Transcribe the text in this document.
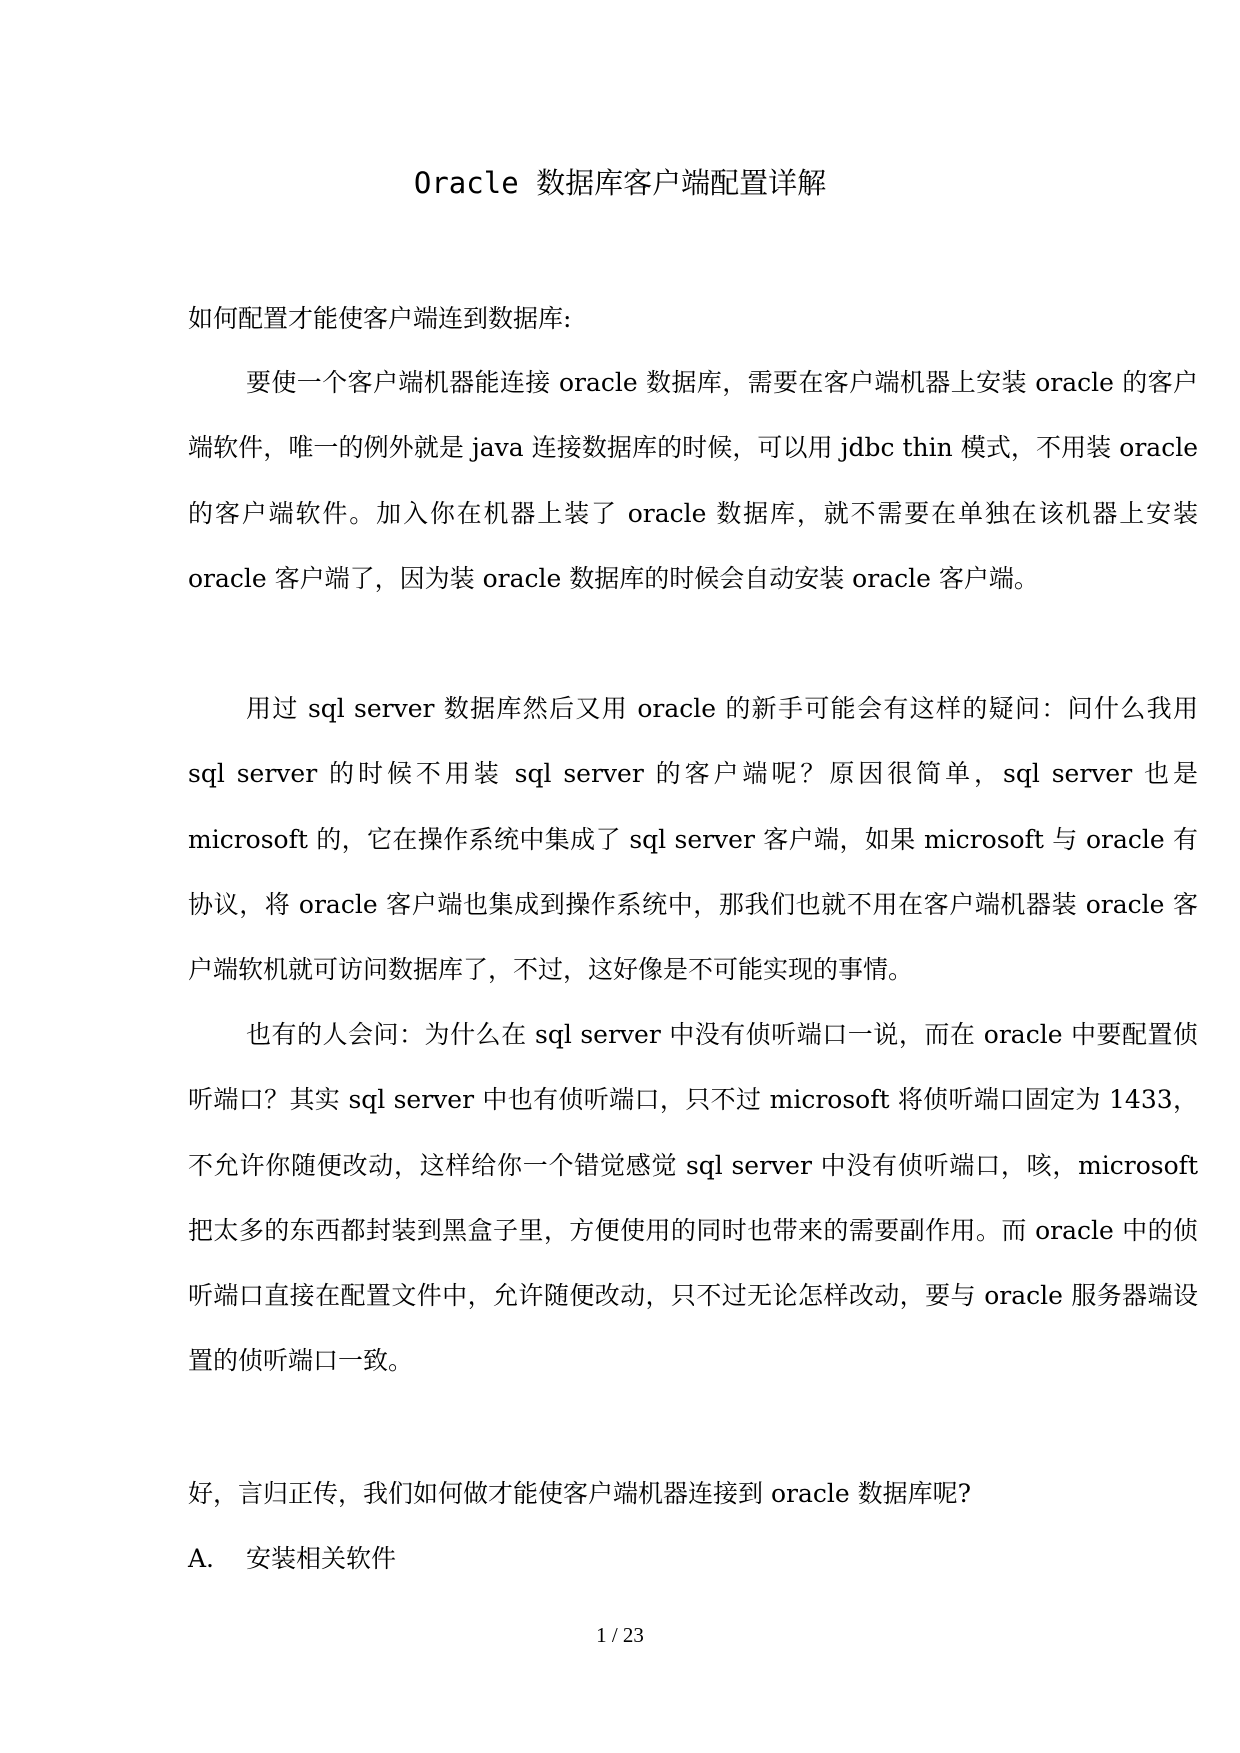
Oracle 数据库客户端配置详解
如何配置才能使客户端连到数据库:

要使一个客户端机器能连接 oracle 数据库，需要在客户端机器上安装 oracle 的客户端软件，唯一的例外就是 java 连接数据库的时候，可以用 jdbc thin 模式，不用装 oracle 的客户端软件。加入你在机器上装了 oracle 数据库，就不需要在单独在该机器上安装 oracle 客户端了，因为装 oracle 数据库的时候会自动安装 oracle 客户端。

用过 sql server 数据库然后又用 oracle 的新手可能会有这样的疑问：问什么我用 sql server 的时候不用装 sql server 的客户端呢？原因很简单，sql server 也是 microsoft 的，它在操作系统中集成了 sql server 客户端，如果 microsoft 与 oracle 有协议，将 oracle 客户端也集成到操作系统中，那我们也就不用在客户端机器装 oracle 客户端软机就可访问数据库了，不过，这好像是不可能实现的事情。

也有的人会问：为什么在 sql server 中没有侦听端口一说，而在 oracle 中要配置侦听端口？其实 sql server 中也有侦听端口，只不过 microsoft 将侦听端口固定为 1433，不允许你随便改动，这样给你一个错觉感觉 sql server 中没有侦听端口，咳，microsoft 把太多的东西都封装到黑盒子里，方便使用的同时也带来的需要副作用。而 oracle 中的侦听端口直接在配置文件中，允许随便改动，只不过无论怎样改动，要与 oracle 服务器端设置的侦听端口一致。

好，言归正传，我们如何做才能使客户端机器连接到 oracle 数据库呢?
A. 安装相关软件
1 / 23
